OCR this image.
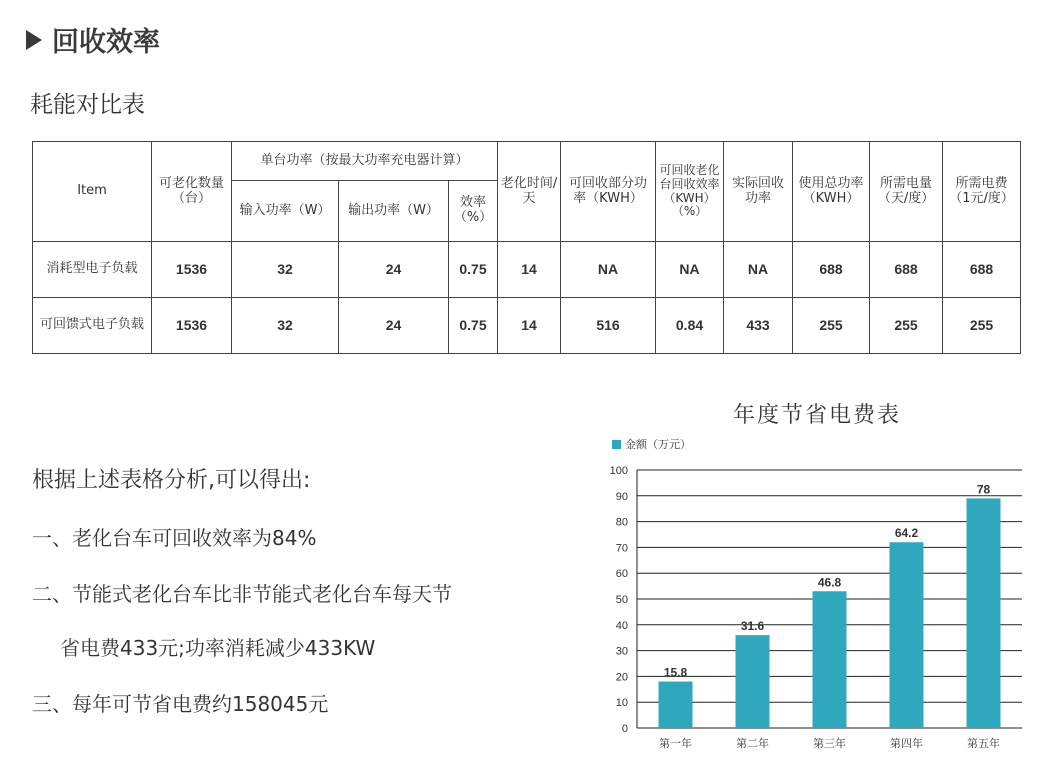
回收效率
耗能对比表
Item	可老化数量（台）	单台功率（按最大功率充电器计算）			老化时间/天	可回收部分功率（KWH）	可回收老化台回收效率（KWH）（%）	实际回收功率	使用总功率（KWH）	所需电量（天/度）	所需电费（1元/度）
		输入功率（W）	输出功率（W）	效率（%）							
消耗型电子负载	1536	32	24	0.75	14	NA	NA	NA	688	688	688
可回馈式电子负载	1536	32	24	0.75	14	516	0.84	433	255	255	255
根据上述表格分析,可以得出:
一、老化台车可回收效率为84%
二、节能式老化台车比非节能式老化台车每天节
省电费433元;功率消耗减少433KW
三、每年可节省电费约158045元
年度节省电费表
金额（万元）
0
10
20
30
40
50
60
70
80
90
100
15.8
第一年
31.6
第二年
46.8
第三年
64.2
第四年
78
第五年
